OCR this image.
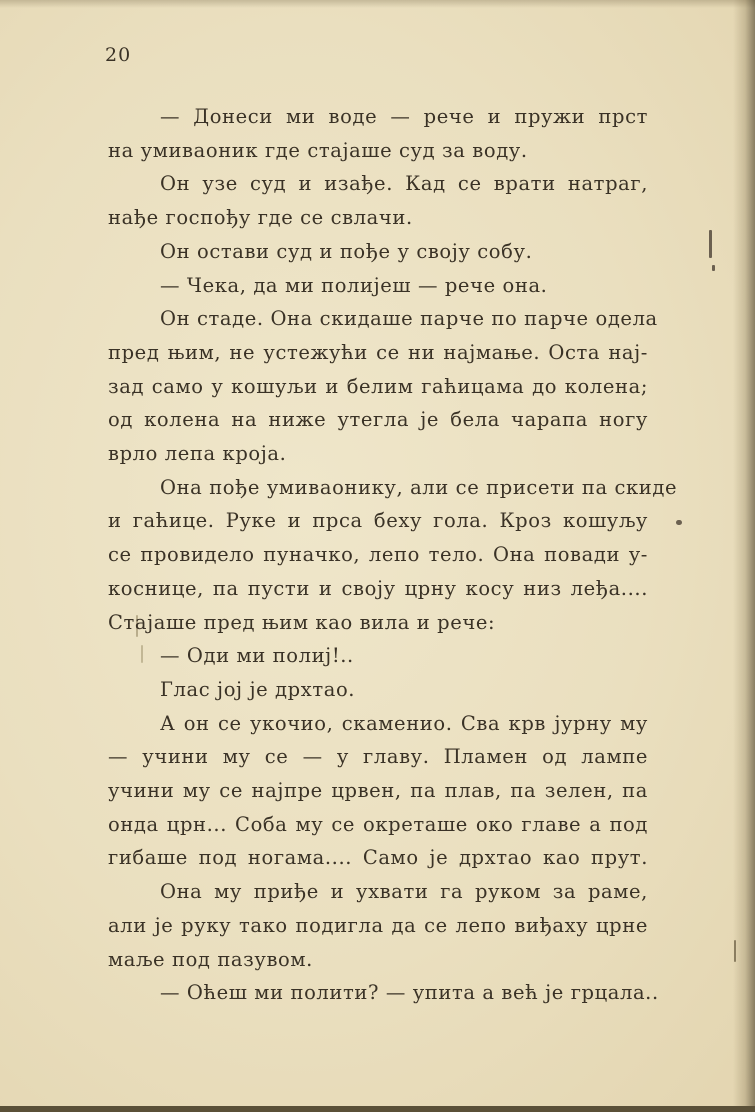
20
— Донеси ми воде — рече и пружи прст
на умиваоник где стајаше суд за воду.
Он узе суд и изађе. Кад се врати натраг,
нађе госпођу где се свлачи.
Он остави суд и пође у своју собу.
— Чека, да ми полијеш — рече она.
Он стаде. Она скидаше парче по парче одела
пред њим, не устежући се ни најмање. Оста нај-
зад само у кошуљи и белим гаћицама до колена;
од колена на ниже утегла је бела чарапа ногу
врло лепа кроја.
Она пође умиваонику, али се присети па скиде
и гаћице. Руке и прса беху гола. Кроз кошуљу
се провидело пуначко, лепо тело. Она повади у-
коснице, па пусти и своју црну косу низ леђа....
Стајаше пред њим као вила и рече:
— Оди ми полиј!..
Глас јој је дрхтао.
А он се укочио, скаменио. Сва крв јурну му
— учини му се — у главу. Пламен од лампе
учини му се најпре црвен, па плав, па зелен, па
онда црн... Соба му се окреташе око главе а под
гибаше под ногама.... Само је дрхтао као прут.
Она му приђе и ухвати га руком за раме,
али је руку тако подигла да се лепо виђаху црне
маље под пазувом.
— Оћеш ми полити? — упита а већ је грцала..
